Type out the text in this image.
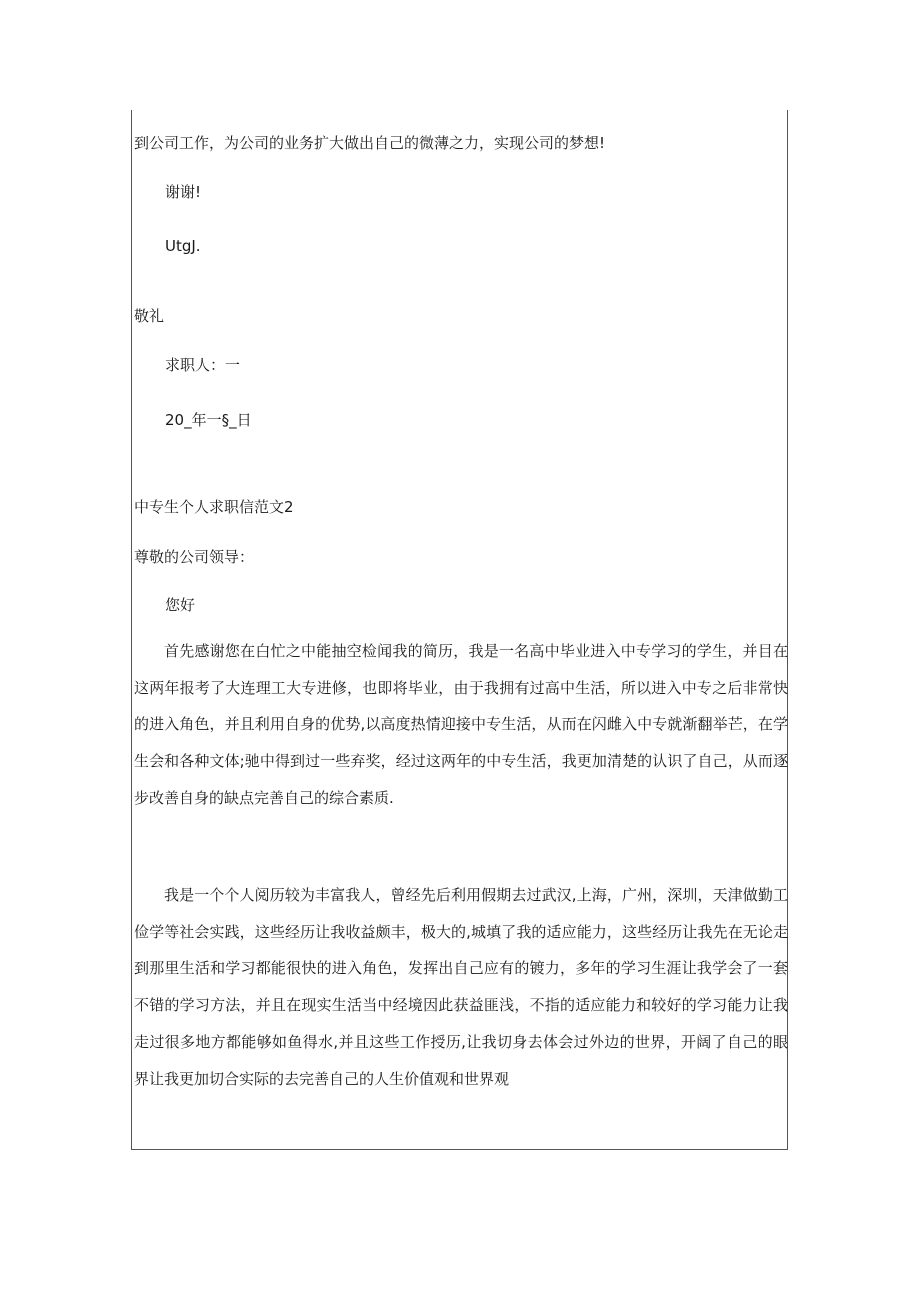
到公司工作，为公司的业务扩大做出自己的微薄之力，实现公司的梦想!

谢谢!

UtgJ.

敬礼

求职人：一

20_年一§_日

中专生个人求职信范文2

尊敬的公司领导：

您好

首先感谢您在白忙之中能抽空检闻我的简历，我是一名高中毕业进入中专学习的学生，并目在这两年报考了大连理工大专进修，也即将毕业，由于我拥有过高中生活，所以进入中专之后非常快的进入角色，并且利用自身的优势,以高度热情迎接中专生活，从而在闪雌入中专就渐翻举芒，在学生会和各种文体;驰中得到过一些弃奖，经过这两年的中专生活，我更加清楚的认识了自己，从而逐步改善自身的缺点完善自己的综合素质.

我是一个个人阅历较为丰富我人，曾经先后利用假期去过武汉,上海，广州，深圳，天津做勤工俭学等社会实践，这些经历让我收益颇丰，极大的,城填了我的适应能力，这些经历让我先在无论走到那里生活和学习都能很快的进入角色，发挥出自己应有的镀力，多年的学习生涯让我学会了一套不错的学习方法，并且在现实生活当中经境因此获益匪浅，不指的适应能力和较好的学习能力让我走过很多地方都能够如鱼得水,并且这些工作授历,让我切身去体会过外边的世界，开阔了自己的眼界让我更加切合实际的去完善自己的人生价值观和世界观
